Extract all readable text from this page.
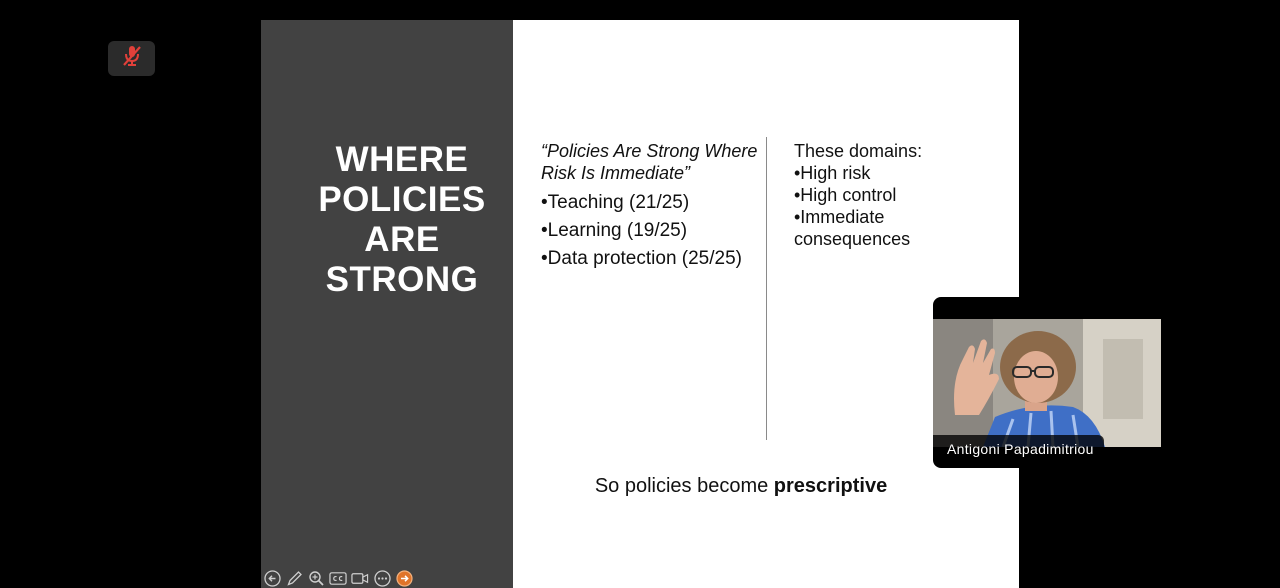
WHERE
POLICIES
ARE
STRONG
“Policies Are Strong Where Risk Is Immediate”
•Teaching (21/25)
•Learning (19/25)
•Data protection (25/25)
These domains:
•High risk
•High control
•Immediate consequences
So policies become prescriptive
Antigoni Papadimitriou
